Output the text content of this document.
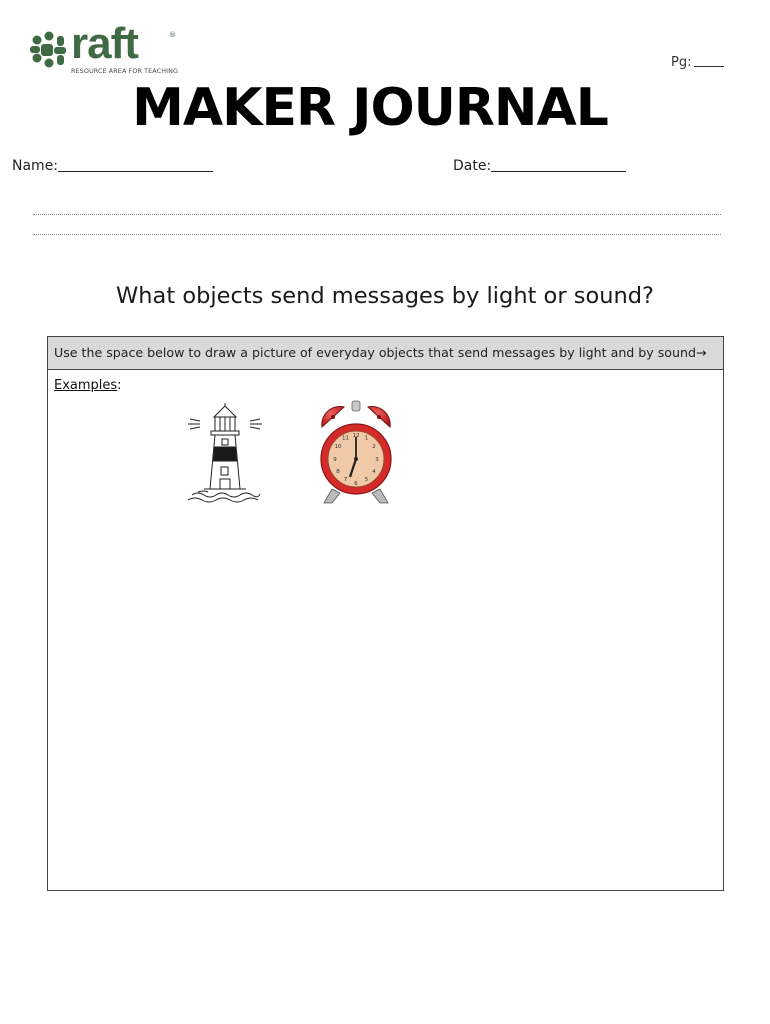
raft	®
RESOURCE AREA FOR TEACHING
Pg:
MAKER JOURNAL
Name:	Date:
What objects send messages by light or sound?
Use the space below to draw a picture of everyday objects that send messages by light and by sound→
Examples:
12 1
2
3
4
5
6
7
8
9
10
11
